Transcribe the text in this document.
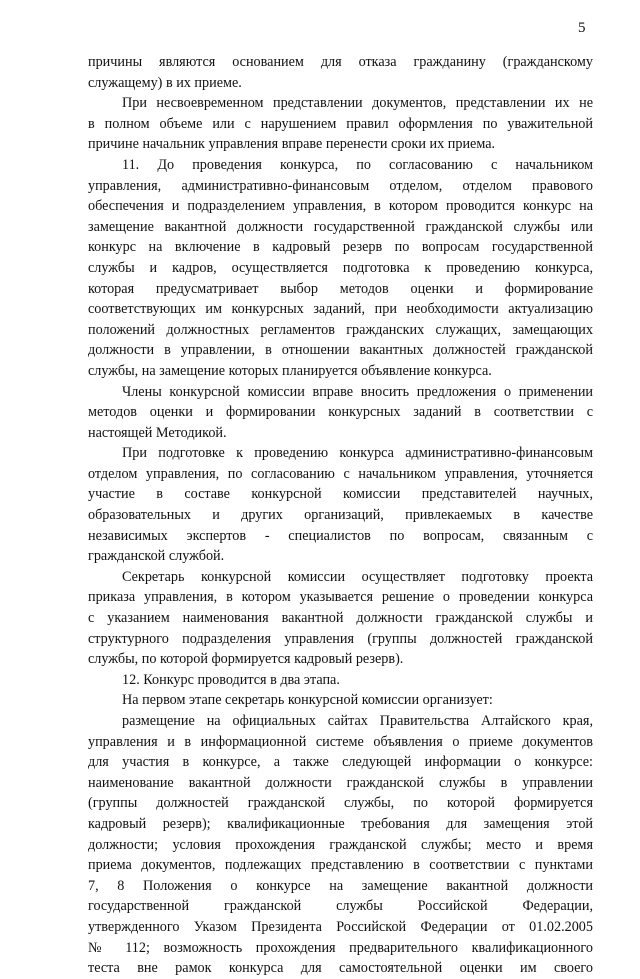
5
причины являются основанием для отказа гражданину (гражданскому
служащему) в их приеме.
При несвоевременном представлении документов, представлении их не
в полном объеме или с нарушением правил оформления по уважительной
причине начальник управления вправе перенести сроки их приема.
11. До проведения конкурса, по согласованию с начальником
управления, административно-финансовым отделом, отделом правового
обеспечения и подразделением управления, в котором проводится конкурс на
замещение вакантной должности государственной гражданской службы или
конкурс на включение в кадровый резерв по вопросам государственной
службы и кадров, осуществляется подготовка к проведению конкурса,
которая предусматривает выбор методов оценки и формирование
соответствующих им конкурсных заданий, при необходимости актуализацию
положений должностных регламентов гражданских служащих, замещающих
должности в управлении, в отношении вакантных должностей гражданской
службы, на замещение которых планируется объявление конкурса.
Члены конкурсной комиссии вправе вносить предложения о применении
методов оценки и формировании конкурсных заданий в соответствии с
настоящей Методикой.
При подготовке к проведению конкурса административно-финансовым
отделом управления, по согласованию с начальником управления, уточняется
участие в составе конкурсной комиссии представителей научных,
образовательных и других организаций, привлекаемых в качестве
независимых экспертов - специалистов по вопросам, связанным с
гражданской службой.
Секретарь конкурсной комиссии осуществляет подготовку проекта
приказа управления, в котором указывается решение о проведении конкурса
с указанием наименования вакантной должности гражданской службы и
структурного подразделения управления (группы должностей гражданской
службы, по которой формируется кадровый резерв).
12. Конкурс проводится в два этапа.
На первом этапе секретарь конкурсной комиссии организует:
размещение на официальных сайтах Правительства Алтайского края,
управления и в информационной системе объявления о приеме документов
для участия в конкурсе, а также следующей информации о конкурсе:
наименование вакантной должности гражданской службы в управлении
(группы должностей гражданской службы, по которой формируется
кадровый резерв); квалификационные требования для замещения этой
должности; условия прохождения гражданской службы; место и время
приема документов, подлежащих представлению в соответствии с пунктами
7, 8 Положения о конкурсе на замещение вакантной должности
государственной гражданской службы Российской Федерации,
утвержденного Указом Президента Российской Федерации от 01.02.2005
№ 112; возможность прохождения предварительного квалификационного
теста вне рамок конкурса для самостоятельной оценки им своего
